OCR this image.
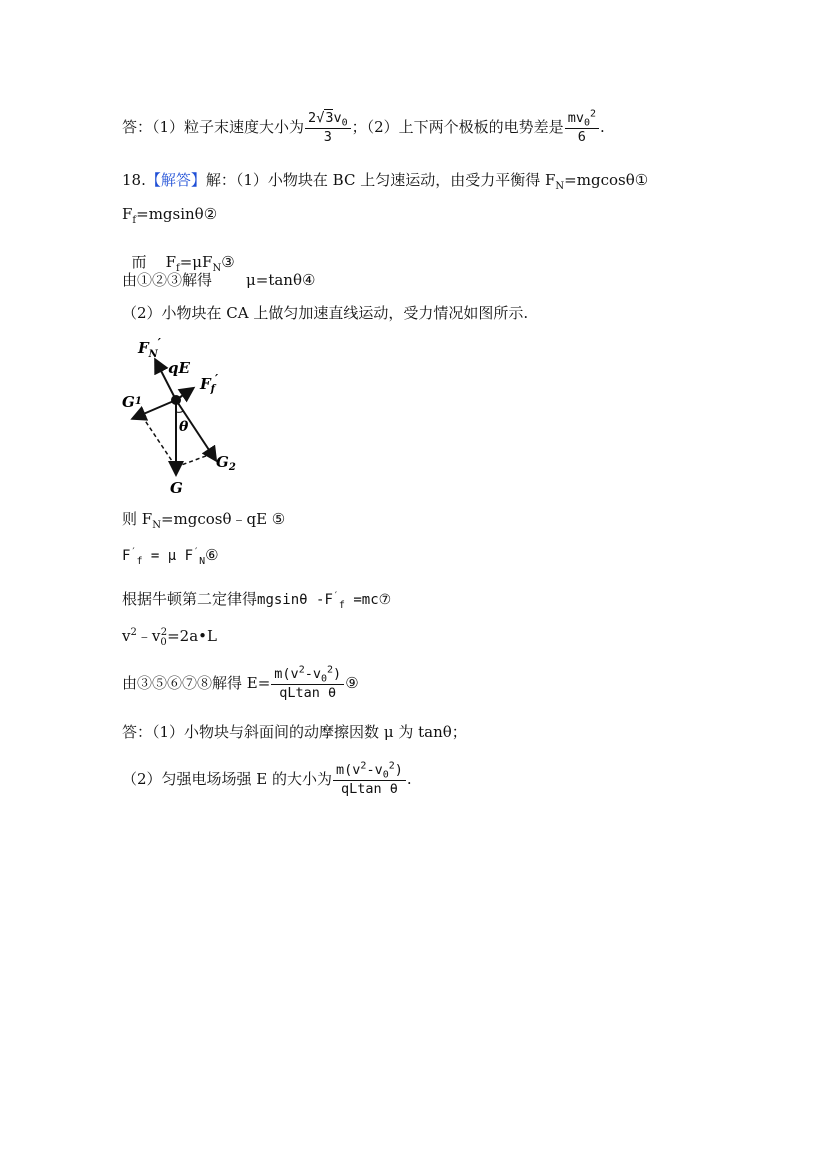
答：（1）粒子末速度大小为 $\frac{2√3v_0}{3}$ ；（2）上下两个极板的电势差是 $\frac{mv_0^2}{6}$ .
18.【解答】解：（1）小物块在 BC 上匀速运动，由受力平衡得 $F_N=mgcos\theta ①$
$F_f=mgsin\theta ②$

而    $F_f=\mu F_N③$

由①②③解得 μ=tanθ④
（2）小物块在 CA 上做匀加速直线运动，受力情况如图所示.
$F_N'$
qE
$F_f'$
$G^1$
θ
$G_2$
G
则 $F_N=mgcos\theta﹣qE$ ⑤
$F'_f = \mu$ $F'_N⑥$
根据牛顿第二定律得mgsinθ $-F'_f$ =mc⑦
$v^2﹣v_0^2=2a•L$
由③⑤⑥⑦⑧解得 $E= \frac{m(v^2-v_0^2)}{\text{qLtan θ}}$ ⑨
答：（1）小物块与斜面间的动摩擦因数 μ 为 tanθ；
（2）匀强电场场强 E 的大小为 $\frac{m(v^2-v_0^2)}{\text{qLtan θ}}$ .
